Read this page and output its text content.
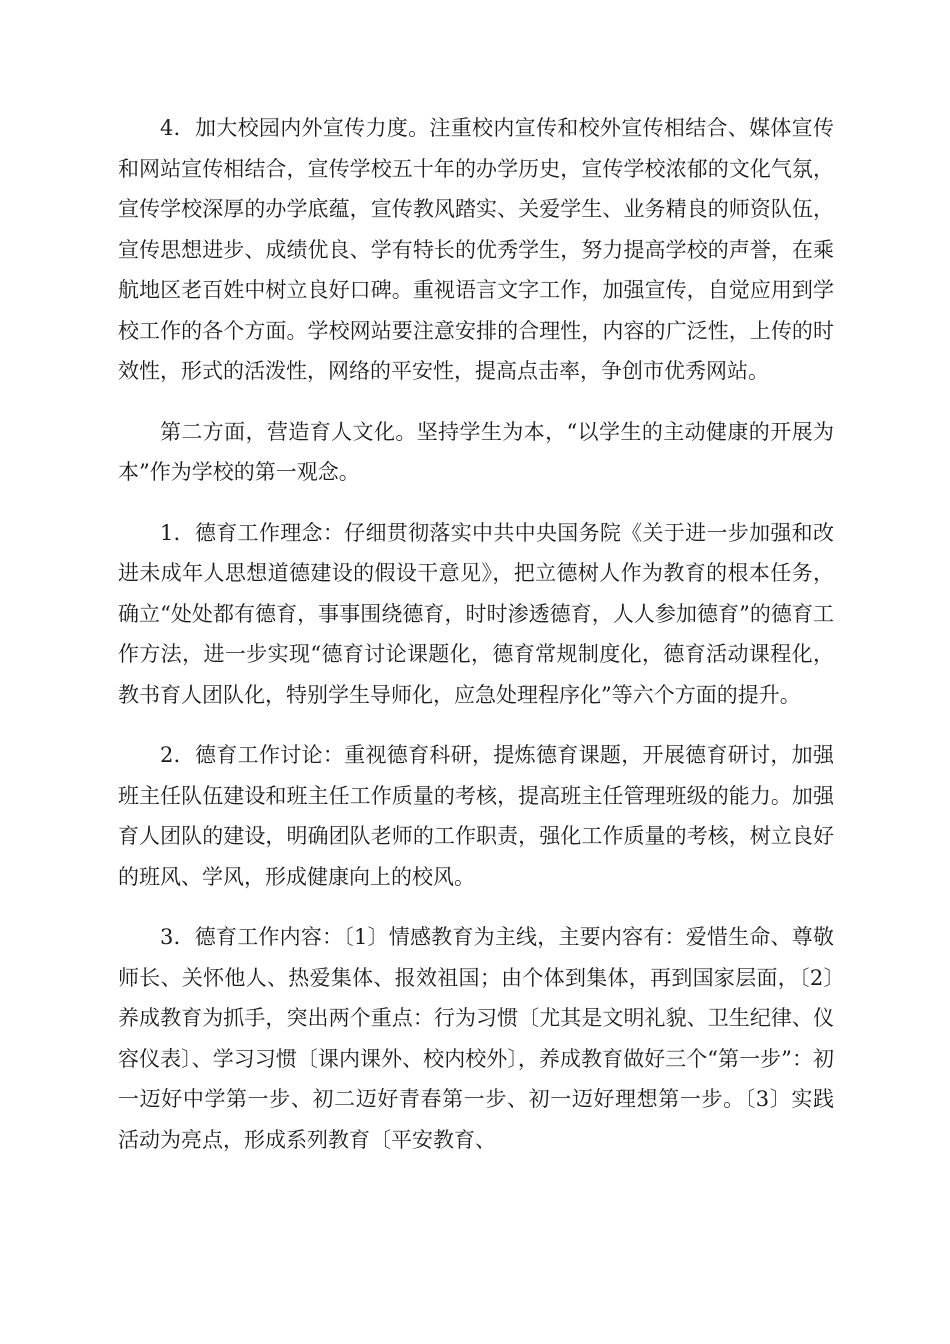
4．加大校园内外宣传力度。注重校内宣传和校外宣传相结合、媒体宣传和网站宣传相结合，宣传学校五十年的办学历史，宣传学校浓郁的文化气氛，宣传学校深厚的办学底蕴，宣传教风踏实、关爱学生、业务精良的师资队伍，宣传思想进步、成绩优良、学有特长的优秀学生，努力提高学校的声誉，在乘航地区老百姓中树立良好口碑。重视语言文字工作，加强宣传，自觉应用到学校工作的各个方面。学校网站要注意安排的合理性，内容的广泛性，上传的时效性，形式的活泼性，网络的平安性，提高点击率，争创市优秀网站。

第二方面，营造育人文化。坚持学生为本，“以学生的主动健康的开展为本”作为学校的第一观念。

1．德育工作理念：仔细贯彻落实中共中央国务院《关于进一步加强和改进未成年人思想道德建设的假设干意见》，把立德树人作为教育的根本任务，确立“处处都有德育，事事围绕德育，时时渗透德育，人人参加德育”的德育工作方法，进一步实现“德育讨论课题化，德育常规制度化，德育活动课程化，教书育人团队化，特别学生导师化，应急处理程序化”等六个方面的提升。

2．德育工作讨论：重视德育科研，提炼德育课题，开展德育研讨，加强班主任队伍建设和班主任工作质量的考核，提高班主任管理班级的能力。加强育人团队的建设，明确团队老师的工作职责，强化工作质量的考核，树立良好的班风、学风，形成健康向上的校风。

3．德育工作内容：〔1〕情感教育为主线，主要内容有：爱惜生命、尊敬师长、关怀他人、热爱集体、报效祖国；由个体到集体，再到国家层面，〔2〕养成教育为抓手，突出两个重点：行为习惯〔尤其是文明礼貌、卫生纪律、仪容仪表〕、学习习惯〔课内课外、校内校外〕，养成教育做好三个“第一步”：初一迈好中学第一步、初二迈好青春第一步、初一迈好理想第一步。〔3〕实践活动为亮点，形成系列教育〔平安教育、
